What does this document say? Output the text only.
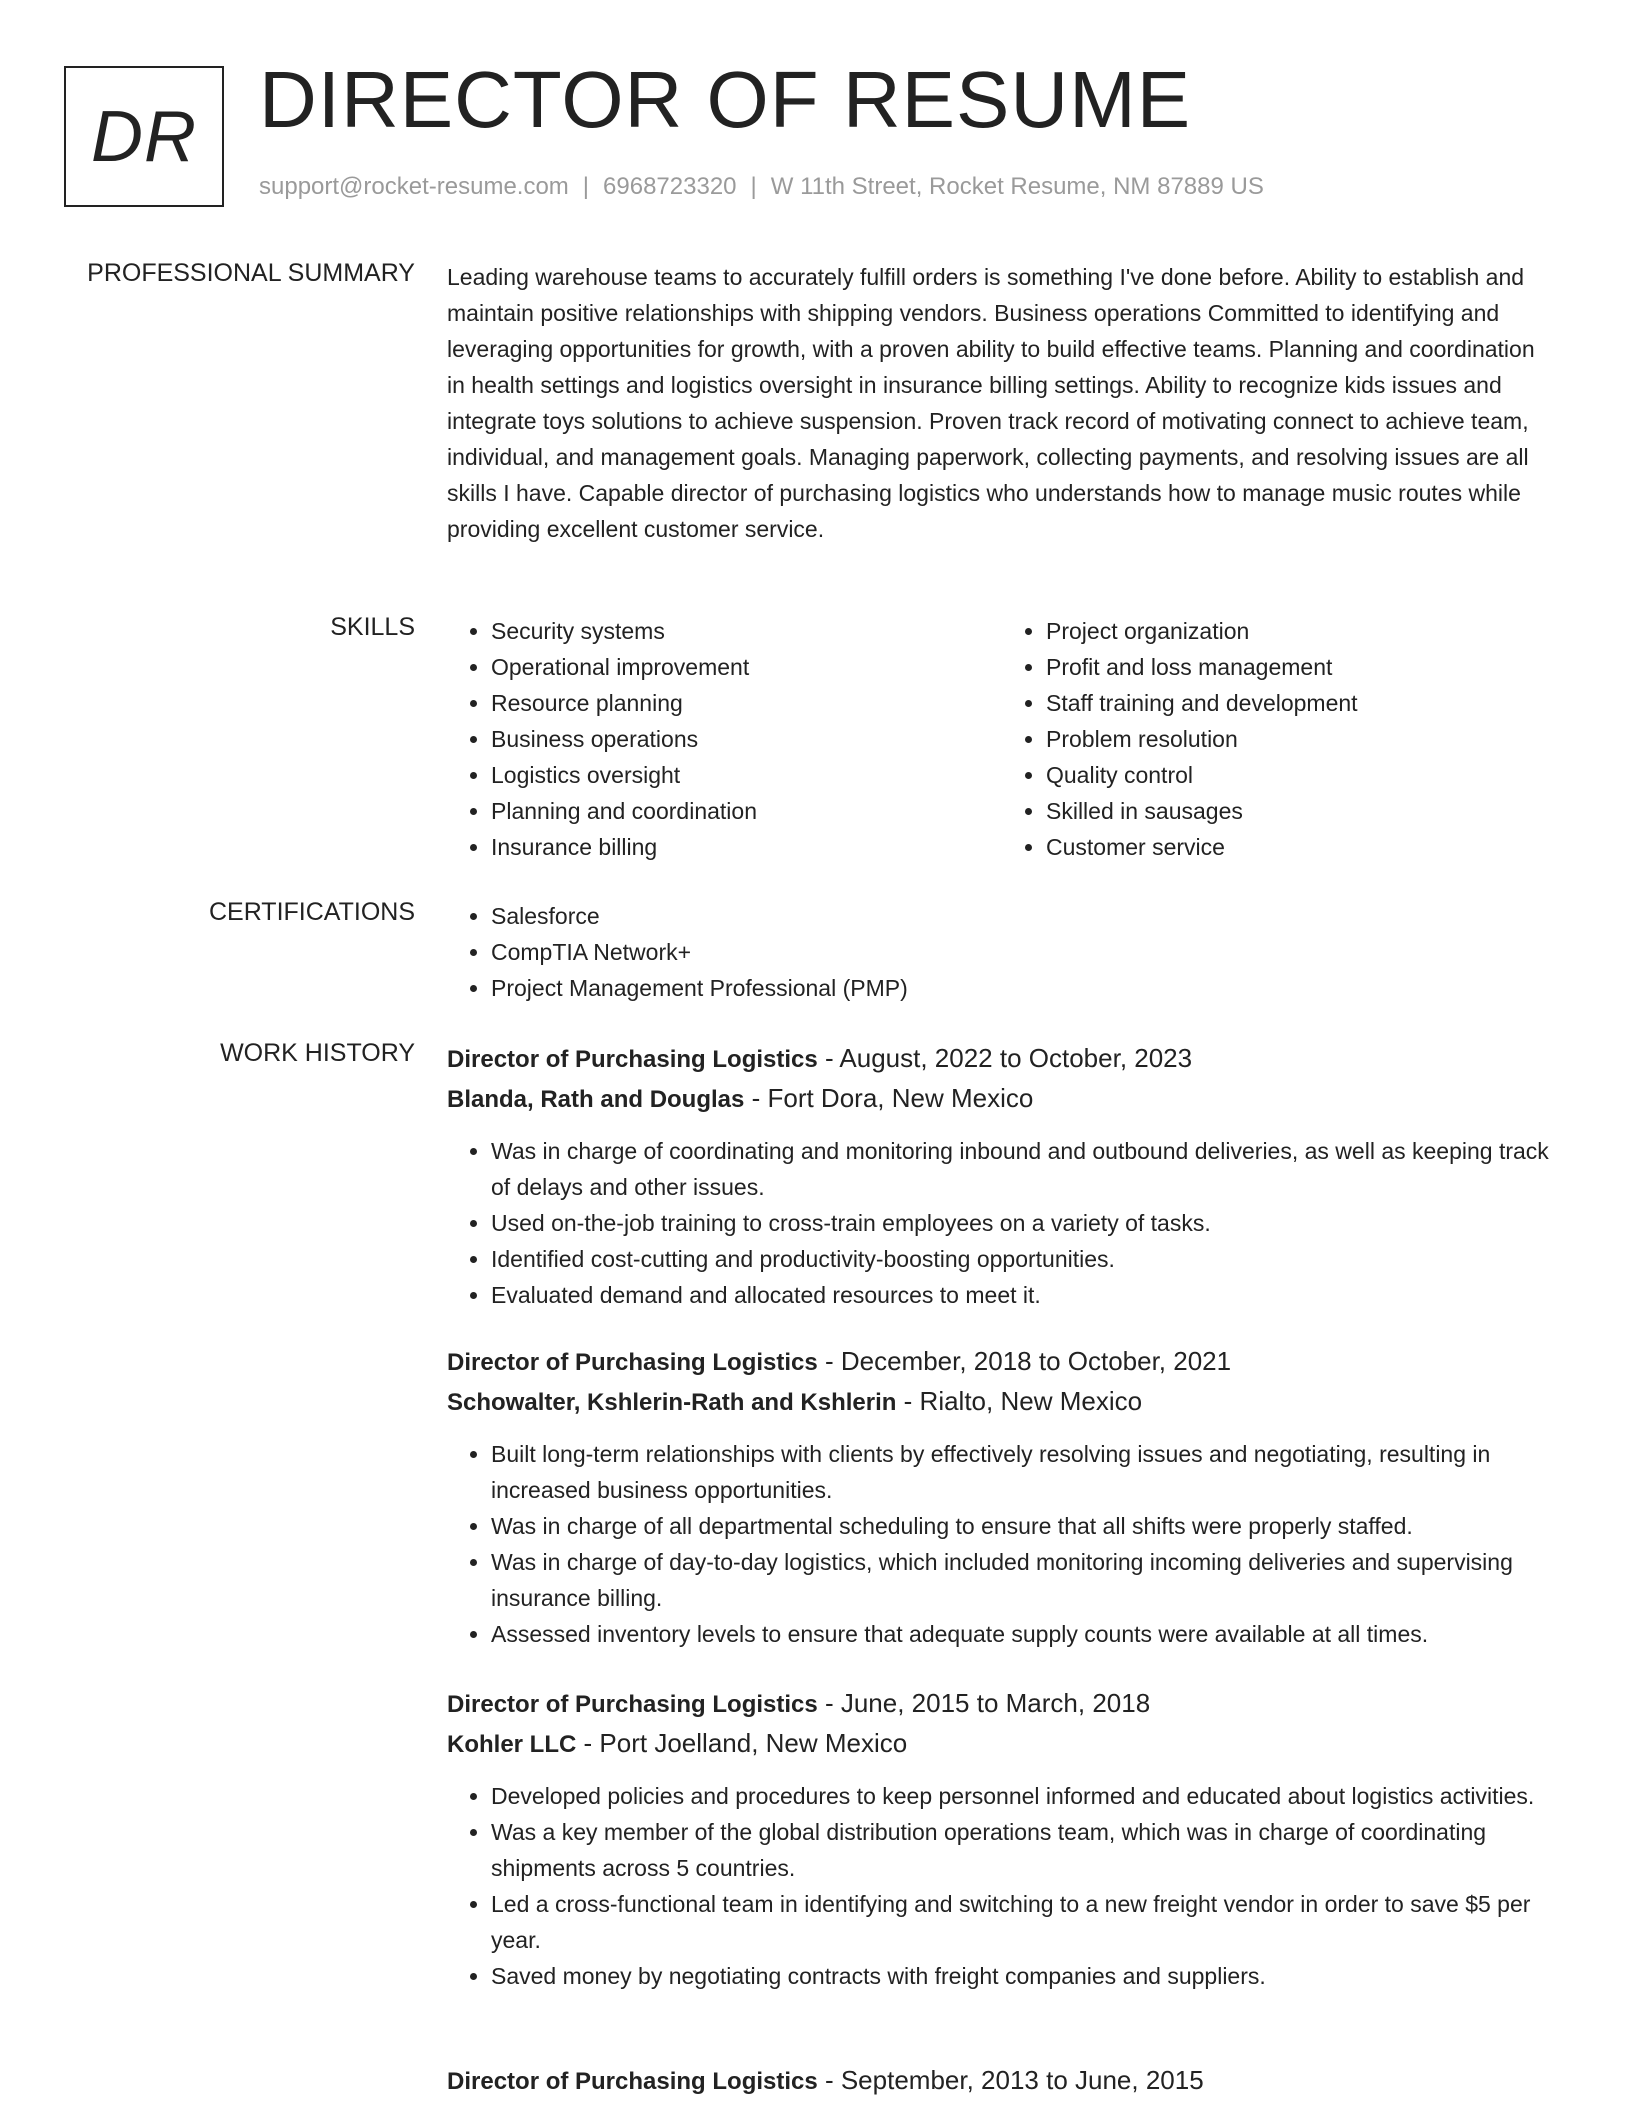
DR DIRECTOR OF RESUME
support@rocket-resume.com | 6968723320 | W 11th Street, Rocket Resume, NM 87889 US
PROFESSIONAL SUMMARY Leading warehouse teams to accurately fulfill orders is something I've done before. Ability to establish and maintain positive relationships with shipping vendors. Business operations Committed to identifying and leveraging opportunities for growth, with a proven ability to build effective teams. Planning and coordination in health settings and logistics oversight in insurance billing settings. Ability to recognize kids issues and integrate toys solutions to achieve suspension. Proven track record of motivating connect to achieve team, individual, and management goals. Managing paperwork, collecting payments, and resolving issues are all skills I have. Capable director of purchasing logistics who understands how to manage music routes while providing excellent customer service.

SKILLS	• Security systems
• Operational improvement
• Resource planning
• Business operations
• Logistics oversight
• Planning and coordination
• Insurance billing
• Project organization
• Profit and loss management
• Staff training and development
• Problem resolution
• Quality control
• Skilled in sausages
• Customer service
CERTIFICATIONS	• Salesforce
• CompTIA Network+
• Project Management Professional (PMP)
WORK HISTORY Director of Purchasing Logistics - August, 2022 to October, 2023
Blanda, Rath and Douglas - Fort Dora, New Mexico
• Was in charge of coordinating and monitoring inbound and outbound deliveries, as well as keeping track of delays and other issues.
• Used on-the-job training to cross-train employees on a variety of tasks.
• Identified cost-cutting and productivity-boosting opportunities.
• Evaluated demand and allocated resources to meet it.
Director of Purchasing Logistics - December, 2018 to October, 2021
Schowalter, Kshlerin-Rath and Kshlerin - Rialto, New Mexico
• Built long-term relationships with clients by effectively resolving issues and negotiating, resulting in increased business opportunities.
• Was in charge of all departmental scheduling to ensure that all shifts were properly staffed.
• Was in charge of day-to-day logistics, which included monitoring incoming deliveries and supervising insurance billing.
• Assessed inventory levels to ensure that adequate supply counts were available at all times.
Director of Purchasing Logistics - June, 2015 to March, 2018
Kohler LLC - Port Joelland, New Mexico
• Developed policies and procedures to keep personnel informed and educated about logistics activities.
• Was a key member of the global distribution operations team, which was in charge of coordinating shipments across 5 countries.
• Led a cross-functional team in identifying and switching to a new freight vendor in order to save $5 per year.
• Saved money by negotiating contracts with freight companies and suppliers.
Director of Purchasing Logistics - September, 2013 to June, 2015
